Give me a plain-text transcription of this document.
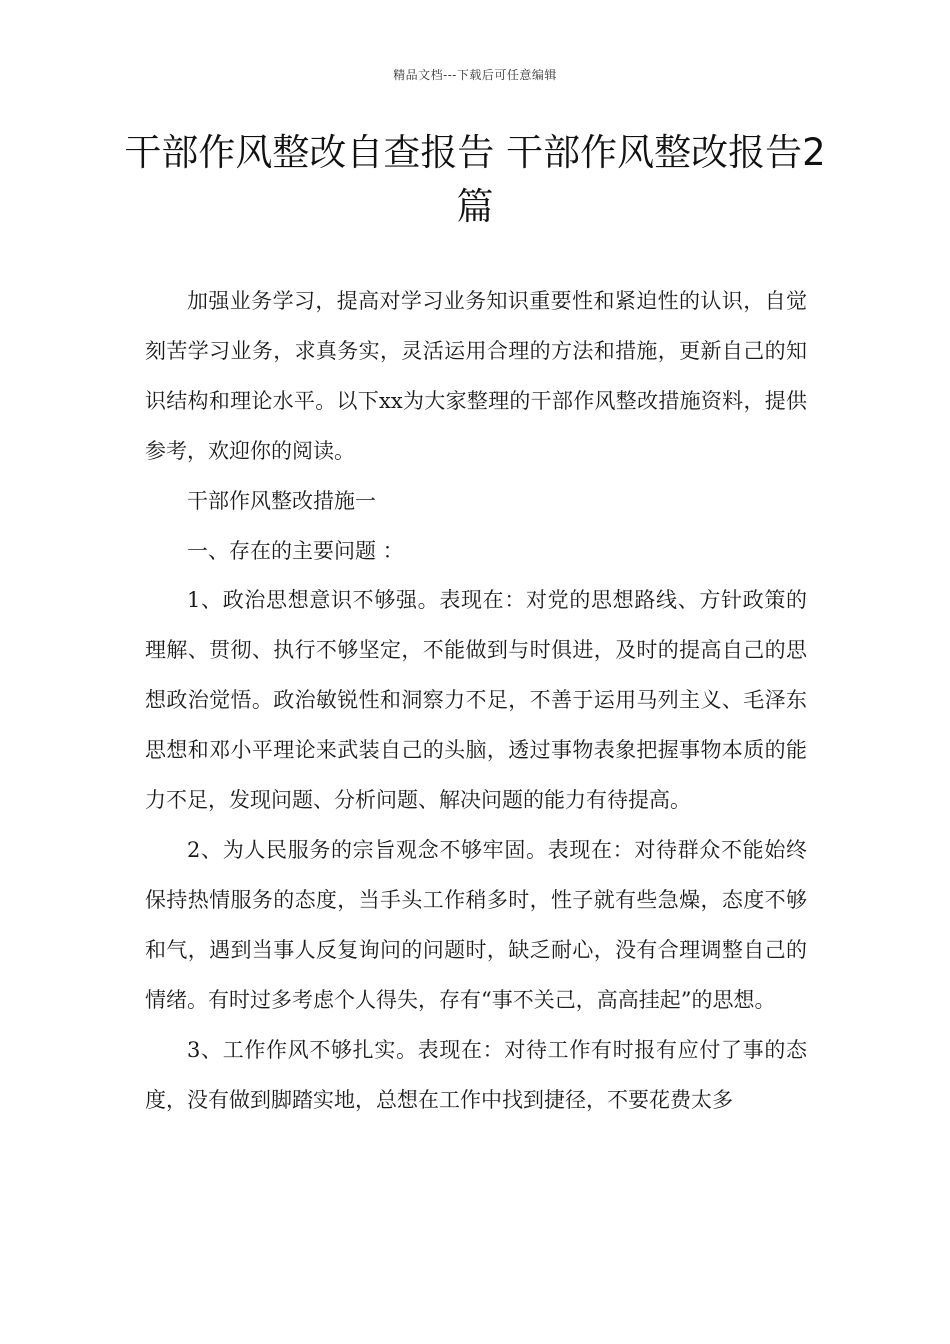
精品文档---下载后可任意编辑
干部作风整改自查报告 干部作风整改报告2篇

加强业务学习，提高对学习业务知识重要性和紧迫性的认识，自觉刻苦学习业务，求真务实，灵活运用合理的方法和措施，更新自己的知识结构和理论水平。以下xx为大家整理的干部作风整改措施资料，提供参考，欢迎你的阅读。

干部作风整改措施一

一、存在的主要问题 ：

1、政治思想意识不够强。表现在：对党的思想路线、方针政策的理解、贯彻、执行不够坚定，不能做到与时俱进，及时的提高自己的思想政治觉悟。政治敏锐性和洞察力不足，不善于运用马列主义、毛泽东思想和邓小平理论来武装自己的头脑，透过事物表象把握事物本质的能力不足，发现问题、分析问题、解决问题的能力有待提高。

2、为人民服务的宗旨观念不够牢固。表现在：对待群众不能始终保持热情服务的态度，当手头工作稍多时，性子就有些急燥，态度不够和气，遇到当事人反复询问的问题时，缺乏耐心，没有合理调整自己的情绪。有时过多考虑个人得失，存有“事不关己，高高挂起”的思想。

3、工作作风不够扎实。表现在：对待工作有时报有应付了事的态度，没有做到脚踏实地，总想在工作中找到捷径，不要花费太多
